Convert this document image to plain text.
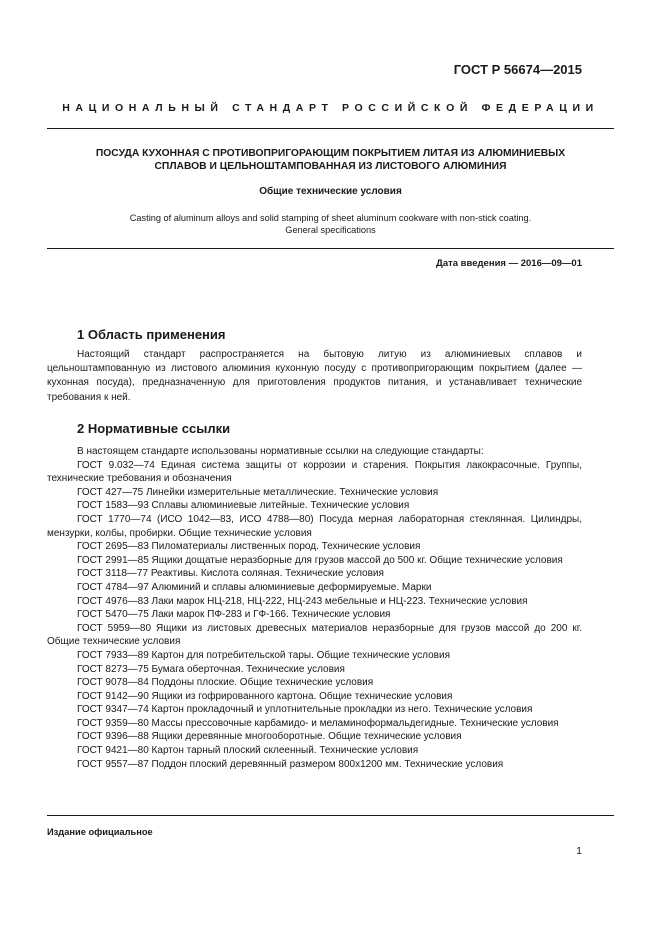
ГОСТ Р 56674—2015
НАЦИОНАЛЬНЫЙ СТАНДАРТ РОССИЙСКОЙ ФЕДЕРАЦИИ
ПОСУДА КУХОННАЯ С ПРОТИВОПРИГОРАЮЩИМ ПОКРЫТИЕМ ЛИТАЯ ИЗ АЛЮМИНИЕВЫХ
СПЛАВОВ И ЦЕЛЬНОШТАМПОВАННАЯ ИЗ ЛИСТОВОГО АЛЮМИНИЯ
Общие технические условия
Casting of aluminum alloys and solid stamping of sheet aluminum cookware with non-stick coating.
General specifications
Дата введения — 2016—09—01
1 Область применения

Настоящий стандарт распространяется на бытовую литую из алюминиевых сплавов и цельноштампованную из листового алюминия кухонную посуду с противопригорающим покрытием (далее — кухонная посуда), предназначенную для приготовления продуктов питания, и устанавливает технические требования к ней.

2 Нормативные ссылки

В настоящем стандарте использованы нормативные ссылки на следующие стандарты:

ГОСТ 9.032—74 Единая система защиты от коррозии и старения. Покрытия лакокрасочные. Группы, технические требования и обозначения

ГОСТ 427—75 Линейки измерительные металлические. Технические условия

ГОСТ 1583—93 Сплавы алюминиевые литейные. Технические условия

ГОСТ 1770—74 (ИСО 1042—83, ИСО 4788—80) Посуда мерная лабораторная стеклянная. Цилиндры, мензурки, колбы, пробирки. Общие технические условия

ГОСТ 2695—83 Пиломатериалы лиственных пород. Технические условия

ГОСТ 2991—85 Ящики дощатые неразборные для грузов массой до 500 кг. Общие технические условия

ГОСТ 3118—77 Реактивы. Кислота соляная. Технические условия

ГОСТ 4784—97 Алюминий и сплавы алюминиевые деформируемые. Марки

ГОСТ 4976—83 Лаки марок НЦ-218, НЦ-222, НЦ-243 мебельные и НЦ-223. Технические условия

ГОСТ 5470—75 Лаки марок ПФ-283 и ГФ-166. Технические условия

ГОСТ 5959—80 Ящики из листовых древесных материалов неразборные для грузов массой до 200 кг. Общие технические условия

ГОСТ 7933—89 Картон для потребительской тары. Общие технические условия

ГОСТ 8273—75 Бумага оберточная. Технические условия

ГОСТ 9078—84 Поддоны плоские. Общие технические условия

ГОСТ 9142—90 Ящики из гофрированного картона. Общие технические условия

ГОСТ 9347—74 Картон прокладочный и уплотнительные прокладки из него. Технические условия

ГОСТ 9359—80 Массы прессовочные карбамидо- и меламиноформальдегидные. Технические условия

ГОСТ 9396—88 Ящики деревянные многооборотные. Общие технические условия

ГОСТ 9421—80 Картон тарный плоский склеенный. Технические условия

ГОСТ 9557—87 Поддон плоский деревянный размером 800x1200 мм. Технические условия

Издание официальное
1
